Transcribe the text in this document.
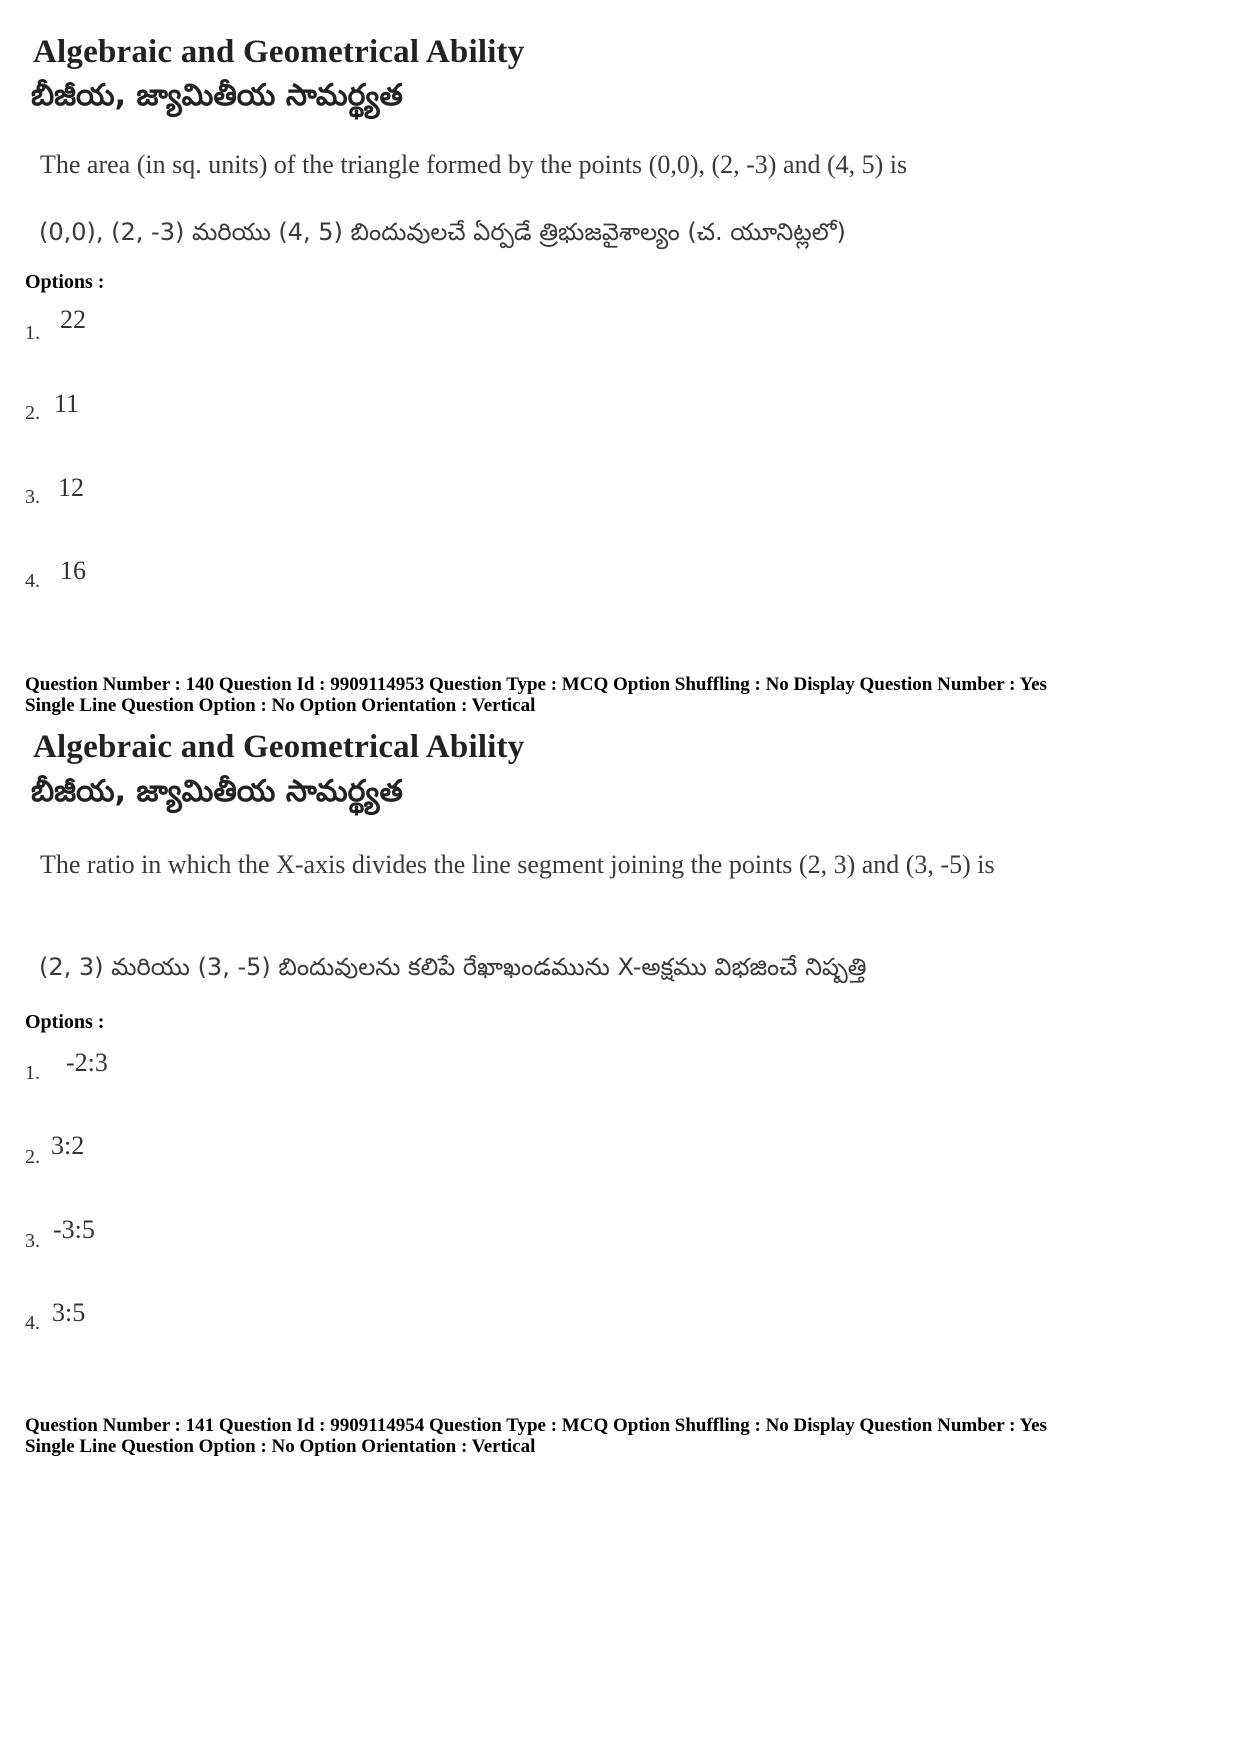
Algebraic and Geometrical Ability
బీజీయ, జ్యామితీయ సామర్థ్యత
The area (in sq. units) of the triangle formed by the points (0,0), (2, -3) and (4, 5) is
(0,0), (2, -3) మరియు (4, 5) బిందువులచే ఏర్పడే త్రిభుజవైశాల్యం (చ. యూనిట్లలో)
Options :
1. 22
2. 11
3. 12
4. 16
Question Number : 140 Question Id : 9909114953 Question Type : MCQ Option Shuffling : No Display Question Number : Yes
Single Line Question Option : No Option Orientation : Vertical
Algebraic and Geometrical Ability
బీజీయ, జ్యామితీయ సామర్థ్యత
The ratio in which the X-axis divides the line segment joining the points (2, 3) and (3, -5) is
(2, 3) మరియు (3, -5) బిందువులను కలిపే రేఖాఖండమును X-అక్షము విభజించే నిష్పత్తి
Options :
1. -2:3
2. 3:2
3. -3:5
4. 3:5
Question Number : 141 Question Id : 9909114954 Question Type : MCQ Option Shuffling : No Display Question Number : Yes
Single Line Question Option : No Option Orientation : Vertical
